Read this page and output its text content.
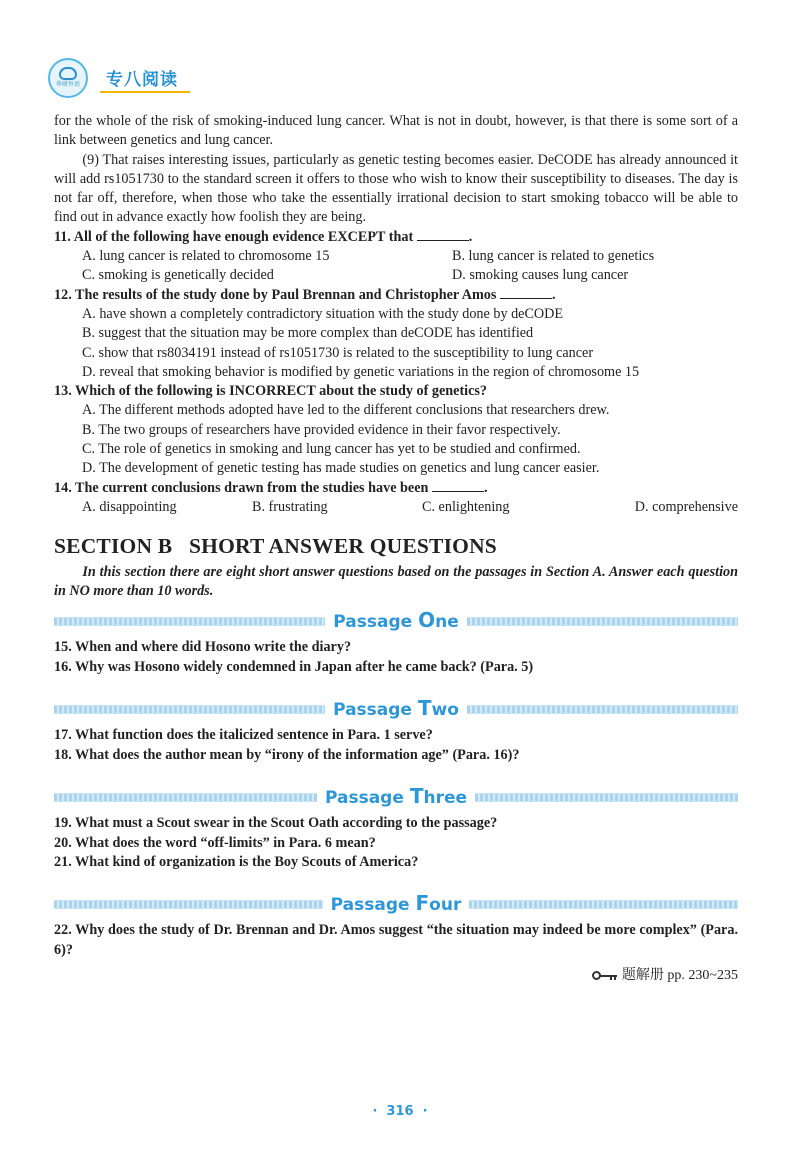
华研外语 专八阅读

for the whole of the risk of smoking-induced lung cancer. What is not in doubt, however, is that there is some sort of a link between genetics and lung cancer.

(9) That raises interesting issues, particularly as genetic testing becomes easier. DeCODE has already announced it will add rs1051730 to the standard screen it offers to those who wish to know their susceptibility to diseases. The day is not far off, therefore, when those who take the essentially irrational decision to start smoking tobacco will be able to find out in advance exactly how foolish they are being.

11. All of the following have enough evidence EXCEPT that	.

A. lung cancer is related to chromosome 15	B. lung cancer is related to genetics
C. smoking is genetically decided	D. smoking causes lung cancer

12. The results of the study done by Paul Brennan and Christopher Amos	.

A. have shown a completely contradictory situation with the study done by deCODE
B. suggest that the situation may be more complex than deCODE has identified
C. show that rs8034191 instead of rs1051730 is related to the susceptibility to lung cancer
D. reveal that smoking behavior is modified by genetic variations in the region of chromosome 15

13. Which of the following is INCORRECT about the study of genetics?

A. The different methods adopted have led to the different conclusions that researchers drew.
B. The two groups of researchers have provided evidence in their favor respectively.
C. The role of genetics in smoking and lung cancer has yet to be studied and confirmed.
D. The development of genetic testing has made studies on genetics and lung cancer easier.

14. The current conclusions drawn from the studies have been	.

A. disappointing	B. frustrating	C. enlightening	D. comprehensive
SECTION B   SHORT ANSWER QUESTIONS

In this section there are eight short answer questions based on the passages in Section A. Answer each question in NO more than 10 words.

Passage One

15. When and where did Hosono write the diary?

16. Why was Hosono widely condemned in Japan after he came back? (Para. 5)

Passage Two

17. What function does the italicized sentence in Para. 1 serve?

18. What does the author mean by “irony of the information age” (Para. 16)?

Passage Three

19. What must a Scout swear in the Scout Oath according to the passage?

20. What does the word “off-limits” in Para. 6 mean?

21. What kind of organization is the Boy Scouts of America?

Passage Four

22. Why does the study of Dr. Brennan and Dr. Amos suggest “the situation may indeed be more complex” (Para. 6)?

题解册 pp. 230~235
·  316  ·
